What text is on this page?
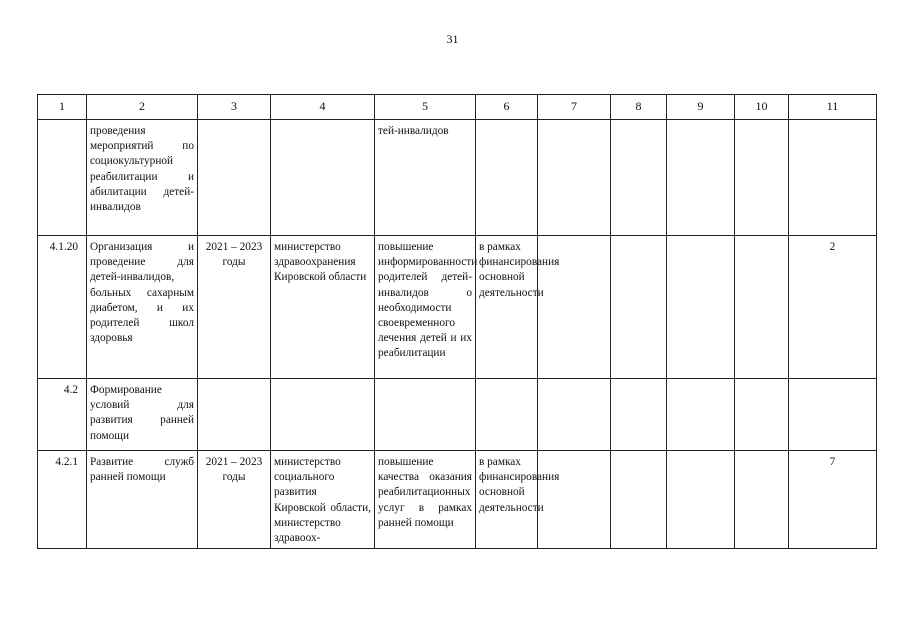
31
1	2	3	4	5	6	7	8	9	10	11
	проведения мероприятий по социокультурной реабилитации и абилитации детей-инвалидов			тей-инвалидов						
4.1.20	Организация и проведение для детей-инвалидов, больных сахарным диабетом, и их родителей школ здоровья	2021 – 2023 годы	министерство здравоохранения Кировской области	повышение информированности родителей детей-инвалидов о необходимости своевременного лечения детей и их реабилитации	в рамках финансирования основной деятельности					2
4.2	Формирование условий для развития ранней помощи									
4.2.1	Развитие служб ранней помощи	2021 – 2023 годы	министерство социального развития Кировской области, министерство здравоох-	повышение качества оказания реабилитационных услуг в рамках ранней помощи	в рамках финансирования основной деятельности					7
